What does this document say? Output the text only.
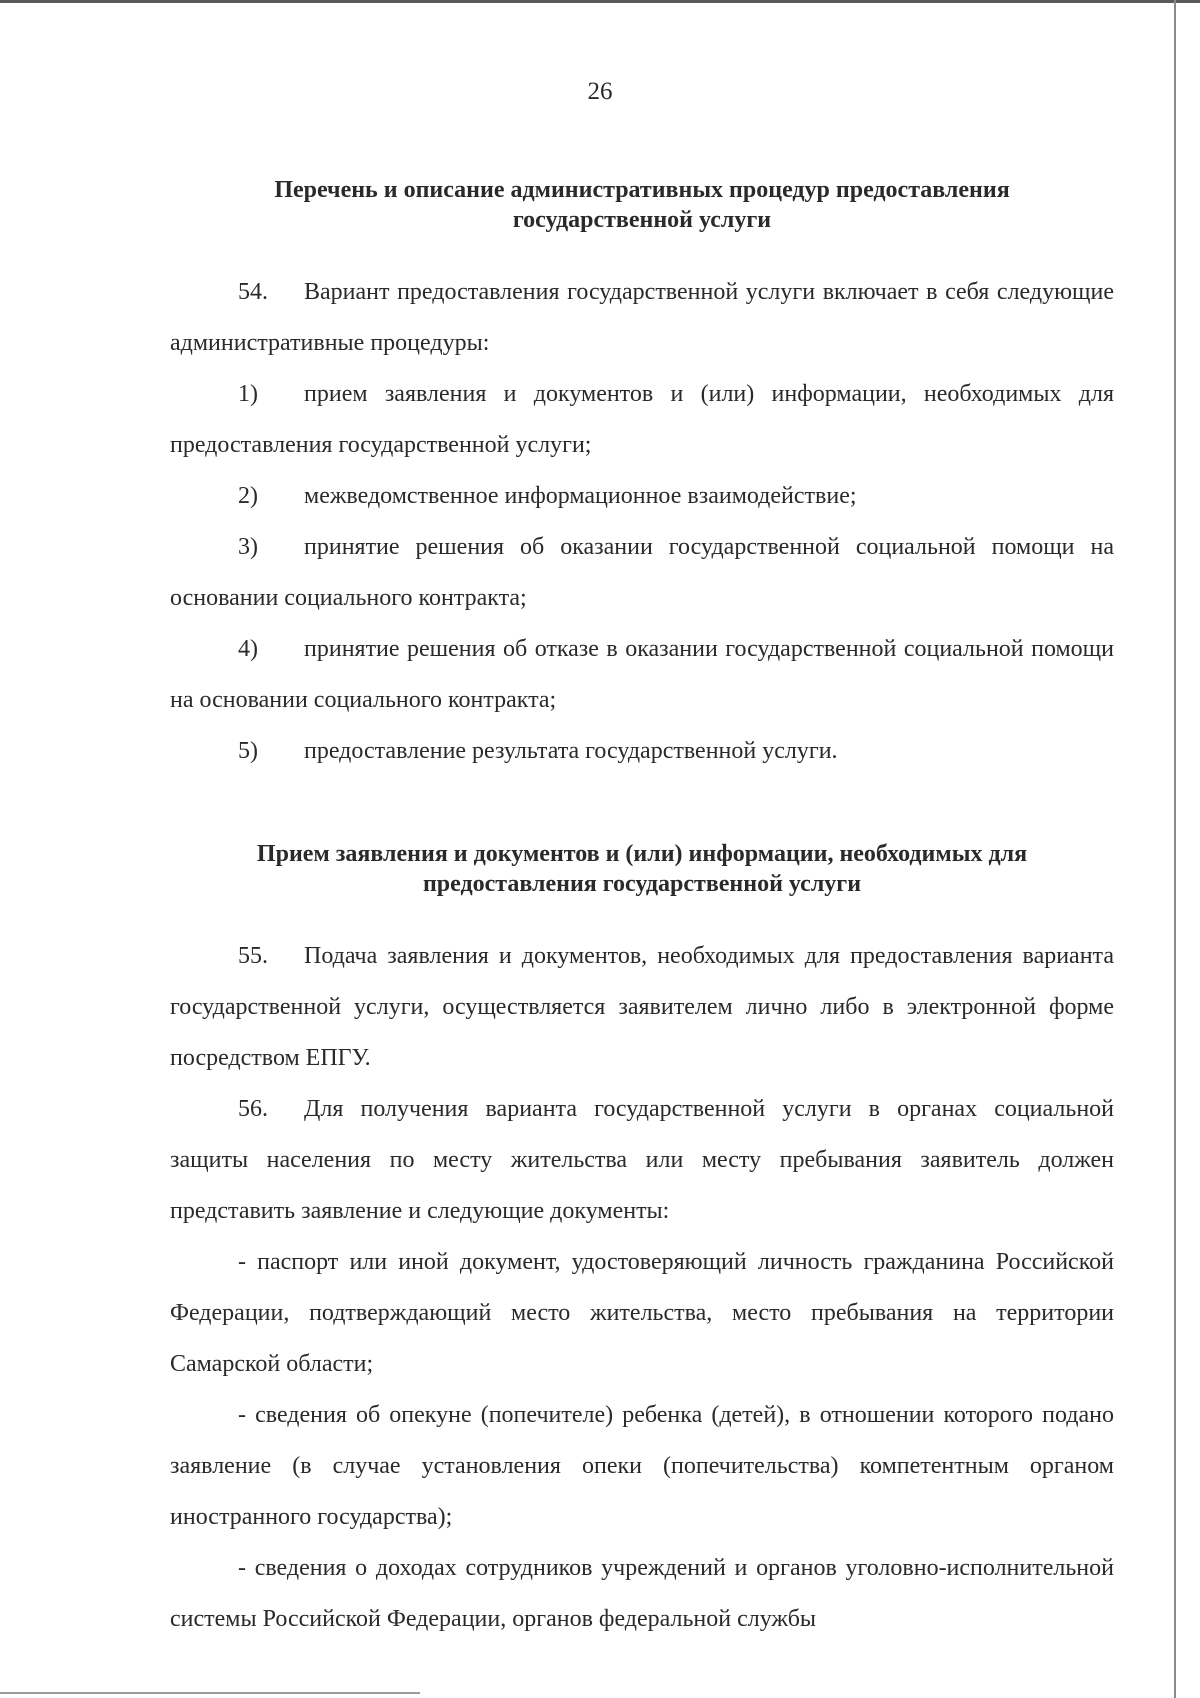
26
Перечень и описание административных процедур предоставления
государственной услуги

54. Вариант предоставления государственной услуги включает в себя следующие административные процедуры:

1) прием заявления и документов и (или) информации, необходимых для предоставления государственной услуги;

2) межведомственное информационное взаимодействие;

3) принятие решения об оказании государственной социальной помощи на основании социального контракта;

4) принятие решения об отказе в оказании государственной социальной помощи на основании социального контракта;

5) предоставление результата государственной услуги.

Прием заявления и документов и (или) информации, необходимых для
предоставления государственной услуги

55. Подача заявления и документов, необходимых для предоставления варианта государственной услуги, осуществляется заявителем лично либо в электронной форме посредством ЕПГУ.

56. Для получения варианта государственной услуги в органах социальной защиты населения по месту жительства или месту пребывания заявитель должен представить заявление и следующие документы:

- паспорт или иной документ, удостоверяющий личность гражданина Российской Федерации, подтверждающий место жительства, место пребывания на территории Самарской области;

- сведения об опекуне (попечителе) ребенка (детей), в отношении которого подано заявление (в случае установления опеки (попечительства) компетентным органом иностранного государства);

- сведения о доходах сотрудников учреждений и органов уголовно-исполнительной системы Российской Федерации, органов федеральной службы
